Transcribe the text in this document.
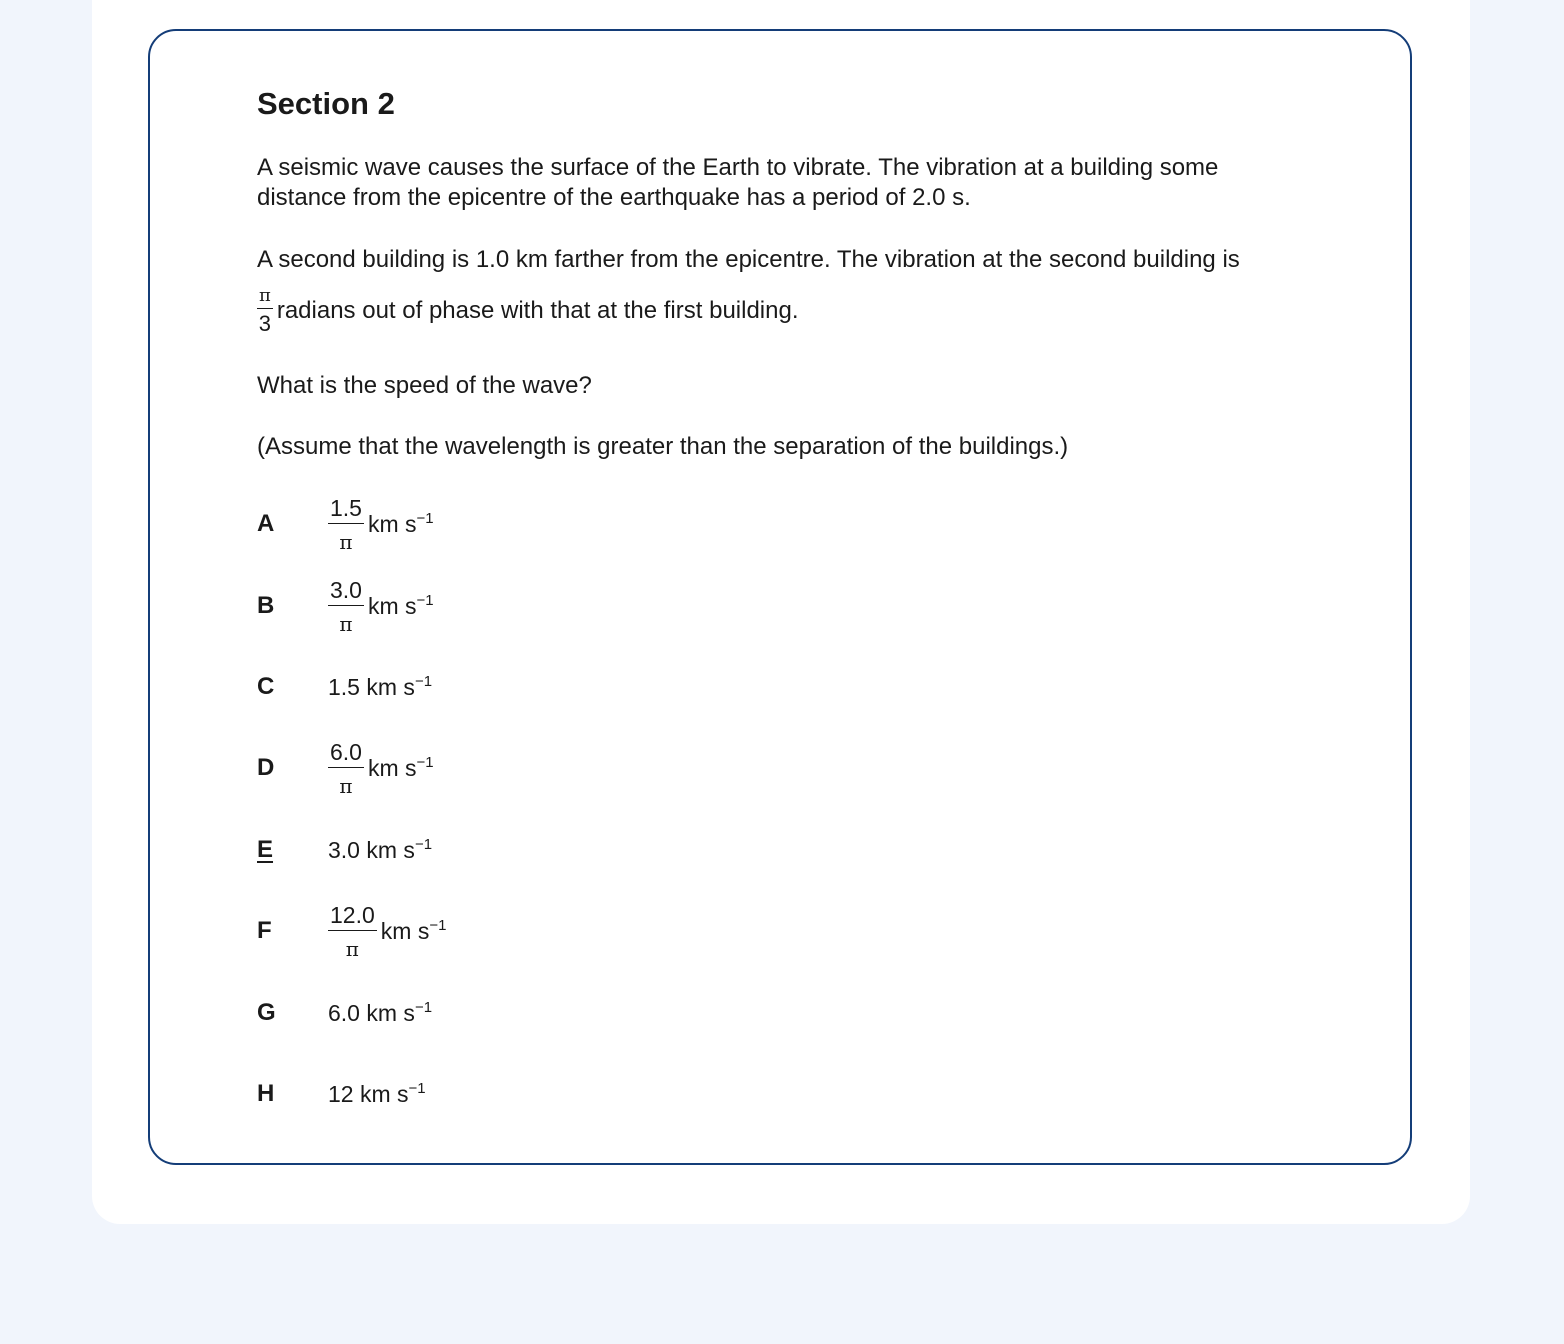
Section 2
A seismic wave causes the surface of the Earth to vibrate. The vibration at a building some
distance from the epicentre of the earthquake has a period of 2.0 s.
A second building is 1.0 km farther from the epicentre. The vibration at the second building is
$\frac{\pi}{3}$ radians out of phase with that at the first building.
What is the speed of the wave?
(Assume that the wavelength is greater than the separation of the buildings.)
A	$\frac{1.5}{\pi}$ km $s^{-1}$
B	$\frac{3.0}{\pi}$ km $s^{-1}$
C	1.5
km $s^{-1}$
D	$\frac{6.0}{\pi}$ km $s^{-1}$
E	3.0
km $s^{-1}$
F	$\frac{12.0}{\pi}$ km $s^{-1}$
G	6.0
km $s^{-1}$
H	12
km $s^{-1}$
